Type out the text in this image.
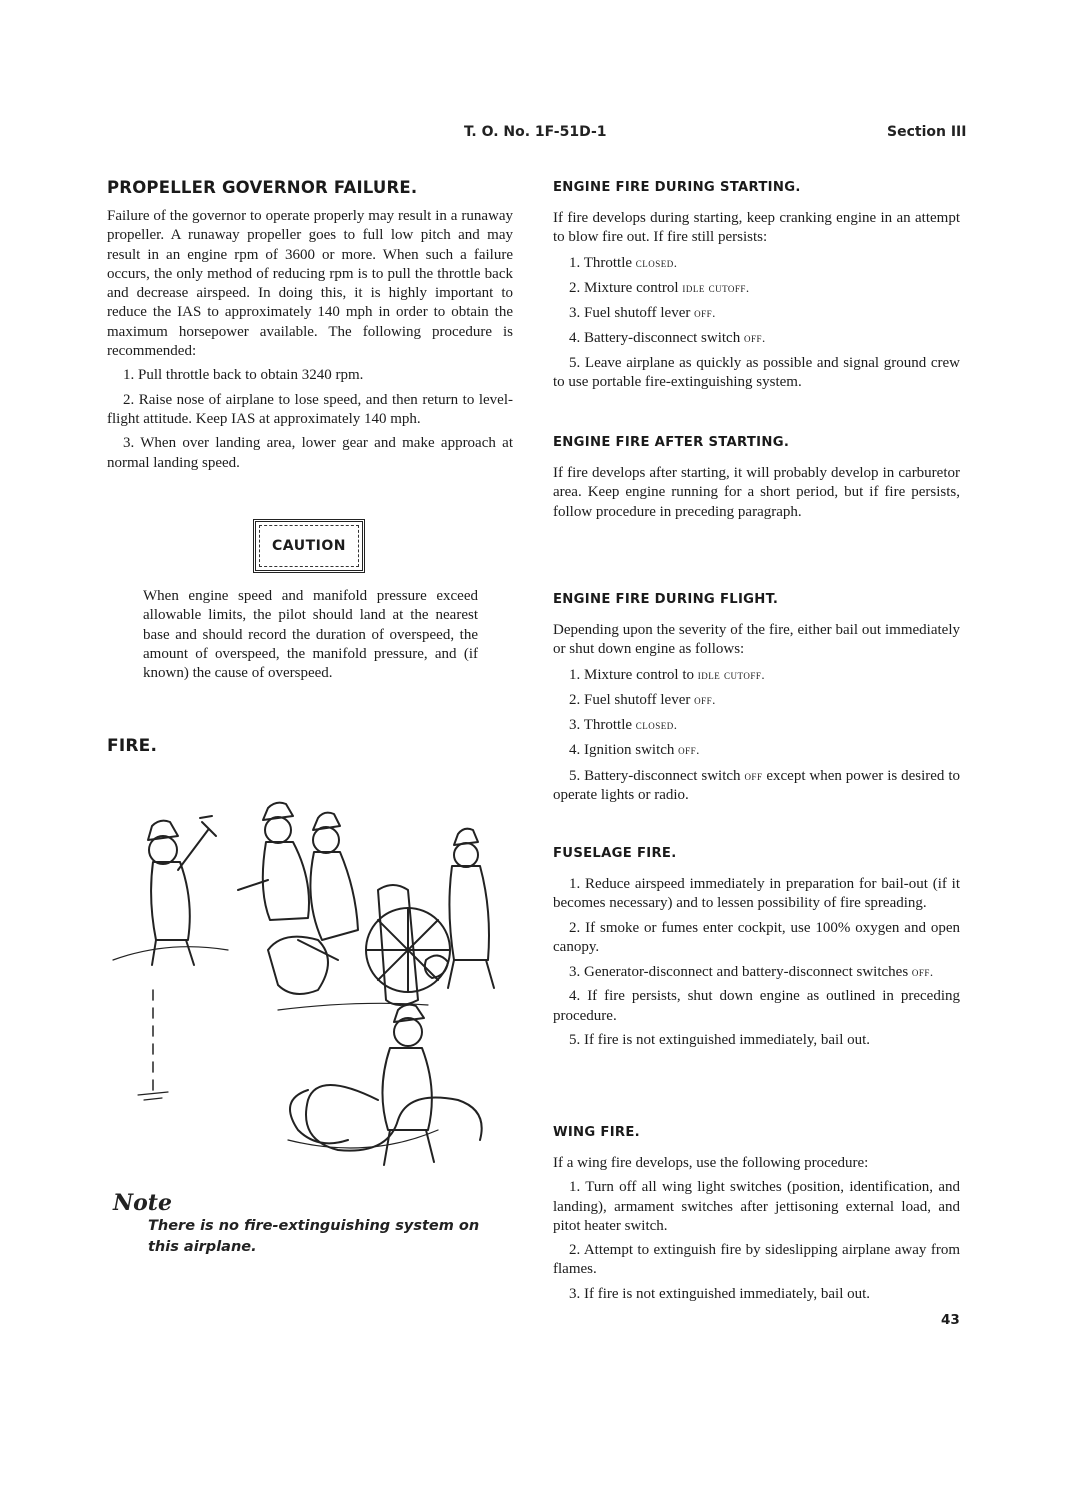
T. O. No. 1F-51D-1	Section III
PROPELLER GOVERNOR FAILURE.

Failure of the governor to operate properly may result in a runaway propeller. A runaway propeller goes to full low pitch and may result in an engine rpm of 3600 or more. When such a failure occurs, the only method of reducing rpm is to pull the throttle back and decrease airspeed. In doing this, it is highly important to reduce the IAS to approximately 140 mph in order to obtain the maximum horsepower available. The following procedure is recommended:

1. Pull throttle back to obtain 3240 rpm.

2. Raise nose of airplane to lose speed, and then return to level-flight attitude. Keep IAS at approximately 140 mph.

3. When over landing area, lower gear and make approach at normal landing speed.

CAUTION

When engine speed and manifold pressure exceed allowable limits, the pilot should land at the nearest base and should record the duration of overspeed, the amount of overspeed, the manifold pressure, and (if known) the cause of overspeed.

FIRE.
Note
There is no fire-extinguishing system on this airplane.
ENGINE FIRE DURING STARTING.

If fire develops during starting, keep cranking engine in an attempt to blow fire out. If fire still persists:

1. Throttle closed.

2. Mixture control idle cutoff.

3. Fuel shutoff lever off.

4. Battery-disconnect switch off.

5. Leave airplane as quickly as possible and signal ground crew to use portable fire-extinguishing system.

ENGINE FIRE AFTER STARTING.

If fire develops after starting, it will probably develop in carburetor area. Keep engine running for a short period, but if fire persists, follow procedure in preceding paragraph.

ENGINE FIRE DURING FLIGHT.

Depending upon the severity of the fire, either bail out immediately or shut down engine as follows:

1. Mixture control to idle cutoff.

2. Fuel shutoff lever off.

3. Throttle closed.

4. Ignition switch off.

5. Battery-disconnect switch off except when power is desired to operate lights or radio.

FUSELAGE FIRE.

1. Reduce airspeed immediately in preparation for bail-out (if it becomes necessary) and to lessen possibility of fire spreading.

2. If smoke or fumes enter cockpit, use 100% oxygen and open canopy.

3. Generator-disconnect and battery-disconnect switches off.

4. If fire persists, shut down engine as outlined in preceding procedure.

5. If fire is not extinguished immediately, bail out.

WING FIRE.

If a wing fire develops, use the following procedure:

1. Turn off all wing light switches (position, identification, and landing), armament switches after jettisoning external load, and pitot heater switch.

2. Attempt to extinguish fire by sideslipping airplane away from flames.

3. If fire is not extinguished immediately, bail out.

43
